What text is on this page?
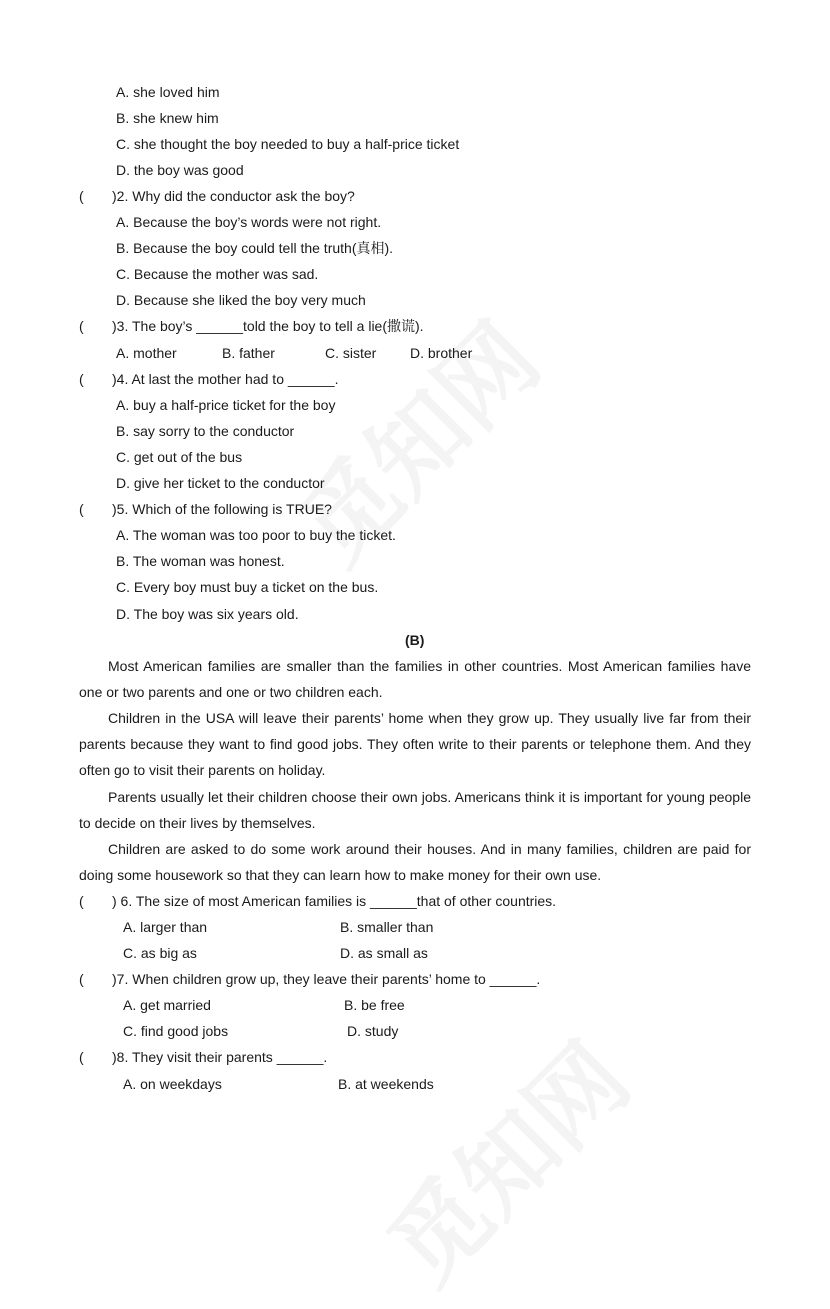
A. she loved him
B. she knew him
C. she thought the boy needed to buy a half-price ticket
D. the boy was good
( )2. Why did the conductor ask the boy?
A. Because the boy’s words were not right.
B. Because the boy could tell the truth(真相).
C. Because the mother was sad.
D. Because she liked the boy very much
( )3. The boy’s ______told the boy to tell a lie(撒谎).
A. mother	B. father	C. sister D. brother
( )4. At last the mother had to ______.
A. buy a half-price ticket for the boy
B. say sorry to the conductor
C. get out of the bus
D. give her ticket to the conductor
( )5. Which of the following is TRUE?
A. The woman was too poor to buy the ticket.
B. The woman was honest.
C. Every boy must buy a ticket on the bus.
D. The boy was six years old.
(B)
Most American families are smaller than the families in other countries. Most American families have one or two parents and one or two children each.
Children in the USA will leave their parents’ home when they grow up. They usually live far from their parents because they want to find good jobs. They often write to their parents or telephone them. And they often go to visit their parents on holiday.
Parents usually let their children choose their own jobs. Americans think it is important for young people to decide on their lives by themselves.
Children are asked to do some work around their houses. And in many families, children are paid for doing some housework so that they can learn how to make money for their own use.
( ) 6. The size of most American families is ______that of other countries.
A. larger than	B. smaller than
C. as big as	D. as small as
( )7. When children grow up, they leave their parents’ home to ______.
A. get married	B. be free
C. find good jobs	D. study
( )8. They visit their parents ______.
A. on weekdays	B. at weekends
